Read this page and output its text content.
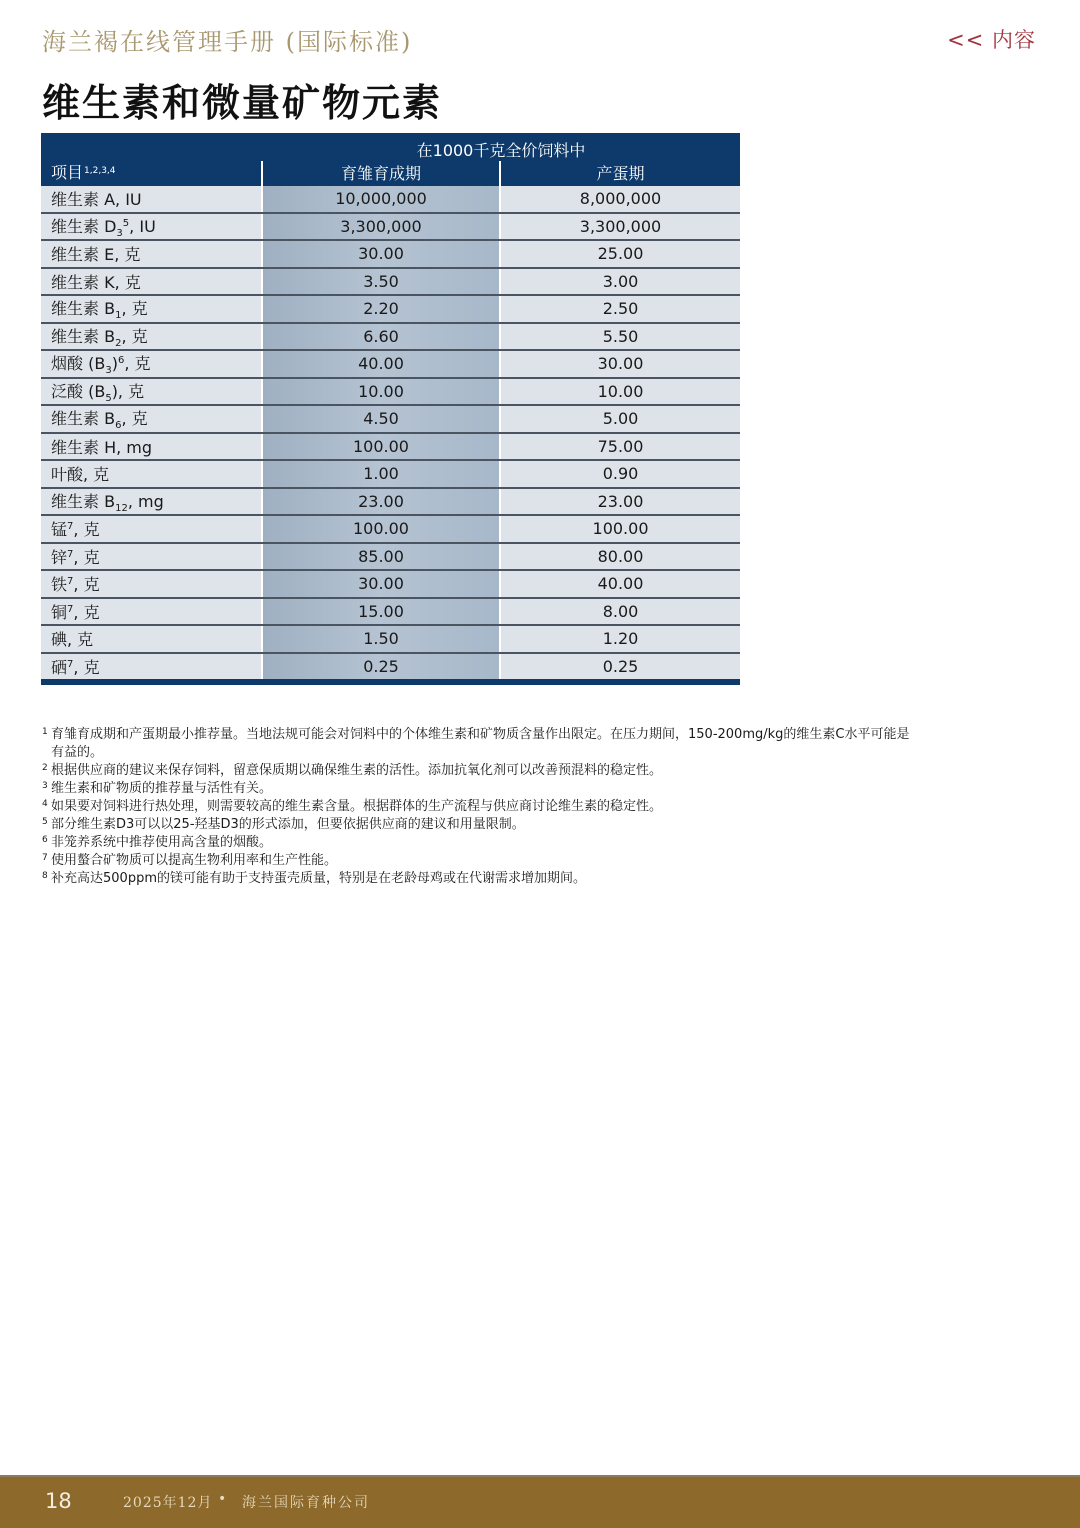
海兰褐在线管理手册 (国际标准)	<< 内容
维生素和微量矿物元素
项目$^{1,2,3,4}$	在1000千克全价饲料中	
	育雏育成期	产蛋期
维生素 A, IU	10,000,000	8,000,000
维生素 $D_3^5$, IU	3,300,000	3,300,000
维生素 E, 克	30.00	25.00
维生素 K, 克	3.50	3.00
维生素 $B_1$, 克	2.20	2.50
维生素 $B_2$, 克	6.60	5.50
烟酸 $(B_3)^6$, 克	40.00	30.00
泛酸 $(B_5)$, 克	10.00	10.00
维生素 $B_6$, 克	4.50	5.00
维生素 H, mg	100.00	75.00
叶酸, 克	1.00	0.90
维生素 $B_{12}$, mg	23.00	23.00
锰$^7$, 克	100.00	100.00
锌$^7$, 克	85.00	80.00
铁$^7$, 克	30.00	40.00
铜$^7$, 克	15.00	8.00
碘, 克	1.50	1.20
硒$^7$, 克	0.25	0.25
1 育雏育成期和产蛋期最小推荐量。当地法规可能会对饲料中的个体维生素和矿物质含量作出限定。在压力期间，150-200mg/kg的维生素C水平可能是有益的。
2 根据供应商的建议来保存饲料，留意保质期以确保维生素的活性。添加抗氧化剂可以改善预混料的稳定性。
3 维生素和矿物质的推荐量与活性有关。
4 如果要对饲料进行热处理，则需要较高的维生素含量。根据群体的生产流程与供应商讨论维生素的稳定性。
5 部分维生素D3可以以25-羟基D3的形式添加，但要依据供应商的建议和用量限制。
6 非笼养系统中推荐使用高含量的烟酸。
7 使用螯合矿物质可以提高生物利用率和生产性能。
8 补充高达500ppm的镁可能有助于支持蛋壳质量，特别是在老龄母鸡或在代谢需求增加期间。
18	2025年12月 • 海兰国际育种公司
